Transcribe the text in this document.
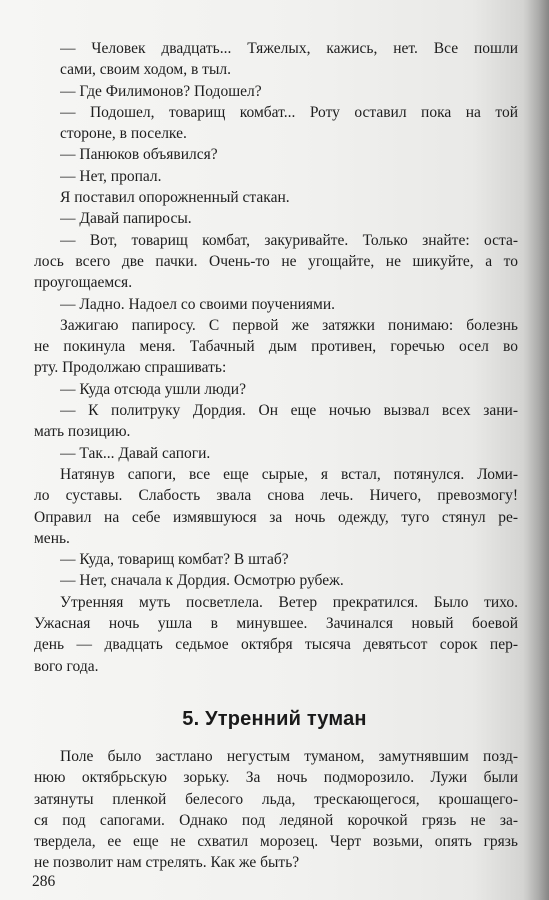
— Человек двадцать... Тяжелых, кажись, нет. Все пошли
сами, своим ходом, в тыл.
— Где Филимонов? Подошел?
— Подошел, товарищ комбат... Роту оставил пока на той
стороне, в поселке.
— Панюков объявился?
— Нет, пропал.
Я поставил опорожненный стакан.
— Давай папиросы.
— Вот, товарищ комбат, закуривайте. Только знайте: оста-
лось всего две пачки. Очень-то не угощайте, не шикуйте, а то
проугощаемся.
— Ладно. Надоел со своими поучениями.
Зажигаю папиросу. С первой же затяжки понимаю: болезнь
не покинула меня. Табачный дым противен, горечью осел во
рту. Продолжаю спрашивать:
— Куда отсюда ушли люди?
— К политруку Дордия. Он еще ночью вызвал всех зани-
мать позицию.
— Так... Давай сапоги.
Натянув сапоги, все еще сырые, я встал, потянулся. Ломи-
ло суставы. Слабость звала снова лечь. Ничего, превозмогу!
Оправил на себе измявшуюся за ночь одежду, туго стянул ре-
мень.
— Куда, товарищ комбат? В штаб?
— Нет, сначала к Дордия. Осмотрю рубеж.
Утренняя муть посветлела. Ветер прекратился. Было тихо.
Ужасная ночь ушла в минувшее. Зачинался новый боевой
день — двадцать седьмое октября тысяча девятьсот сорок пер-
вого года.
5. Утренний туман
Поле было застлано негустым туманом, замутнявшим позд-
нюю октябрьскую зорьку. За ночь подморозило. Лужи были
затянуты пленкой белесого льда, трескающегося, крошащего-
ся под сапогами. Однако под ледяной корочкой грязь не за-
твердела, ее еще не схватил морозец. Черт возьми, опять грязь
не позволит нам стрелять. Как же быть?
286
